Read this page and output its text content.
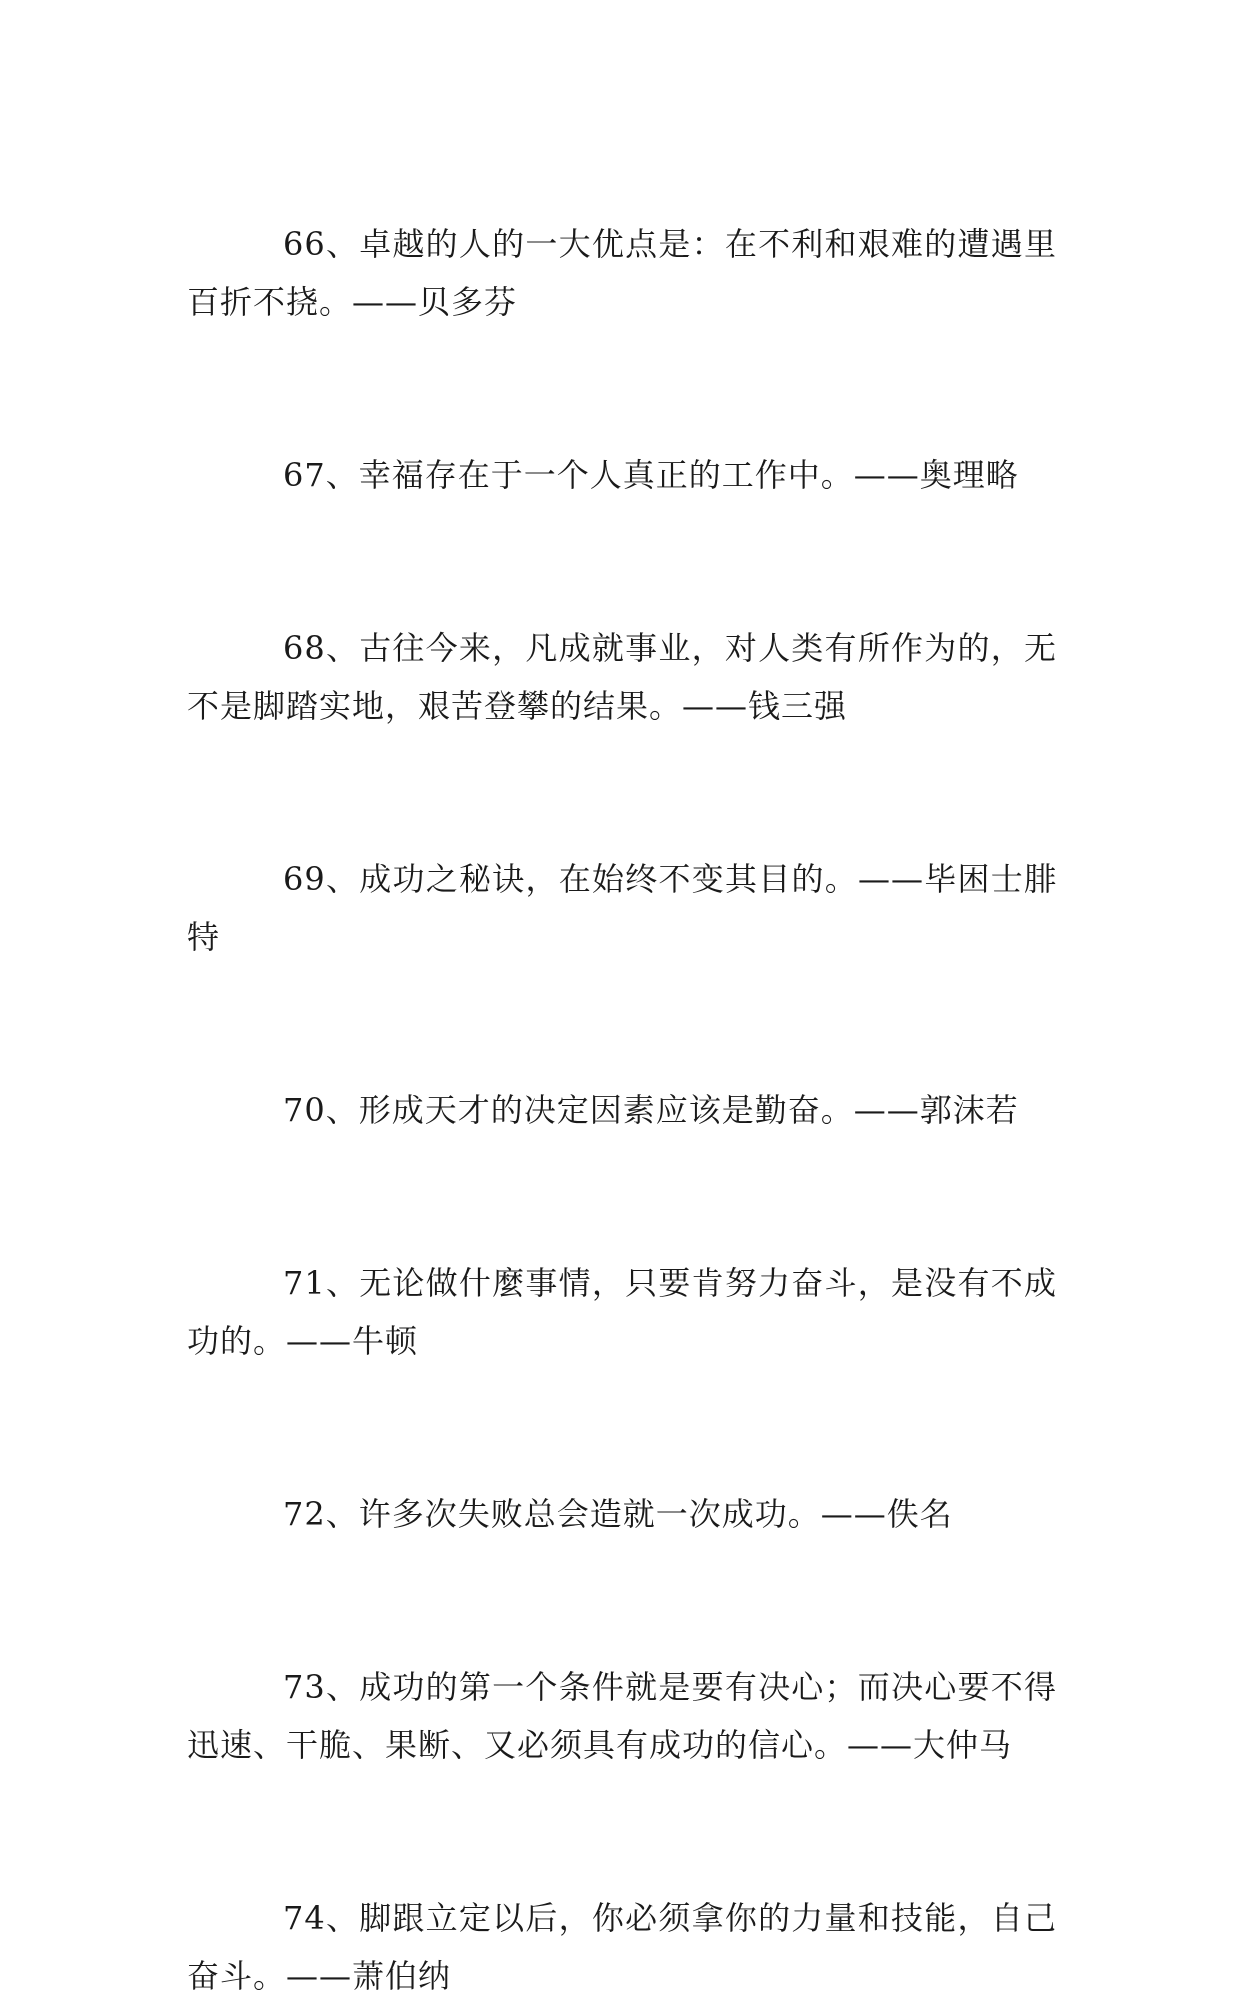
66、卓越的人的一大优点是：在不利和艰难的遭遇里百折不挠。——贝多芬

67、幸福存在于一个人真正的工作中。——奥理略

68、古往今来，凡成就事业，对人类有所作为的，无不是脚踏实地，艰苦登攀的结果。——钱三强

69、成功之秘诀，在始终不变其目的。——毕困士腓特

70、形成天才的决定因素应该是勤奋。——郭沫若

71、无论做什麼事情，只要肯努力奋斗，是没有不成功的。——牛顿

72、许多次失败总会造就一次成功。——佚名

73、成功的第一个条件就是要有决心；而决心要不得迅速、干脆、果断、又必须具有成功的信心。——大仲马

74、脚跟立定以后，你必须拿你的力量和技能，自己奋斗。——萧伯纳
